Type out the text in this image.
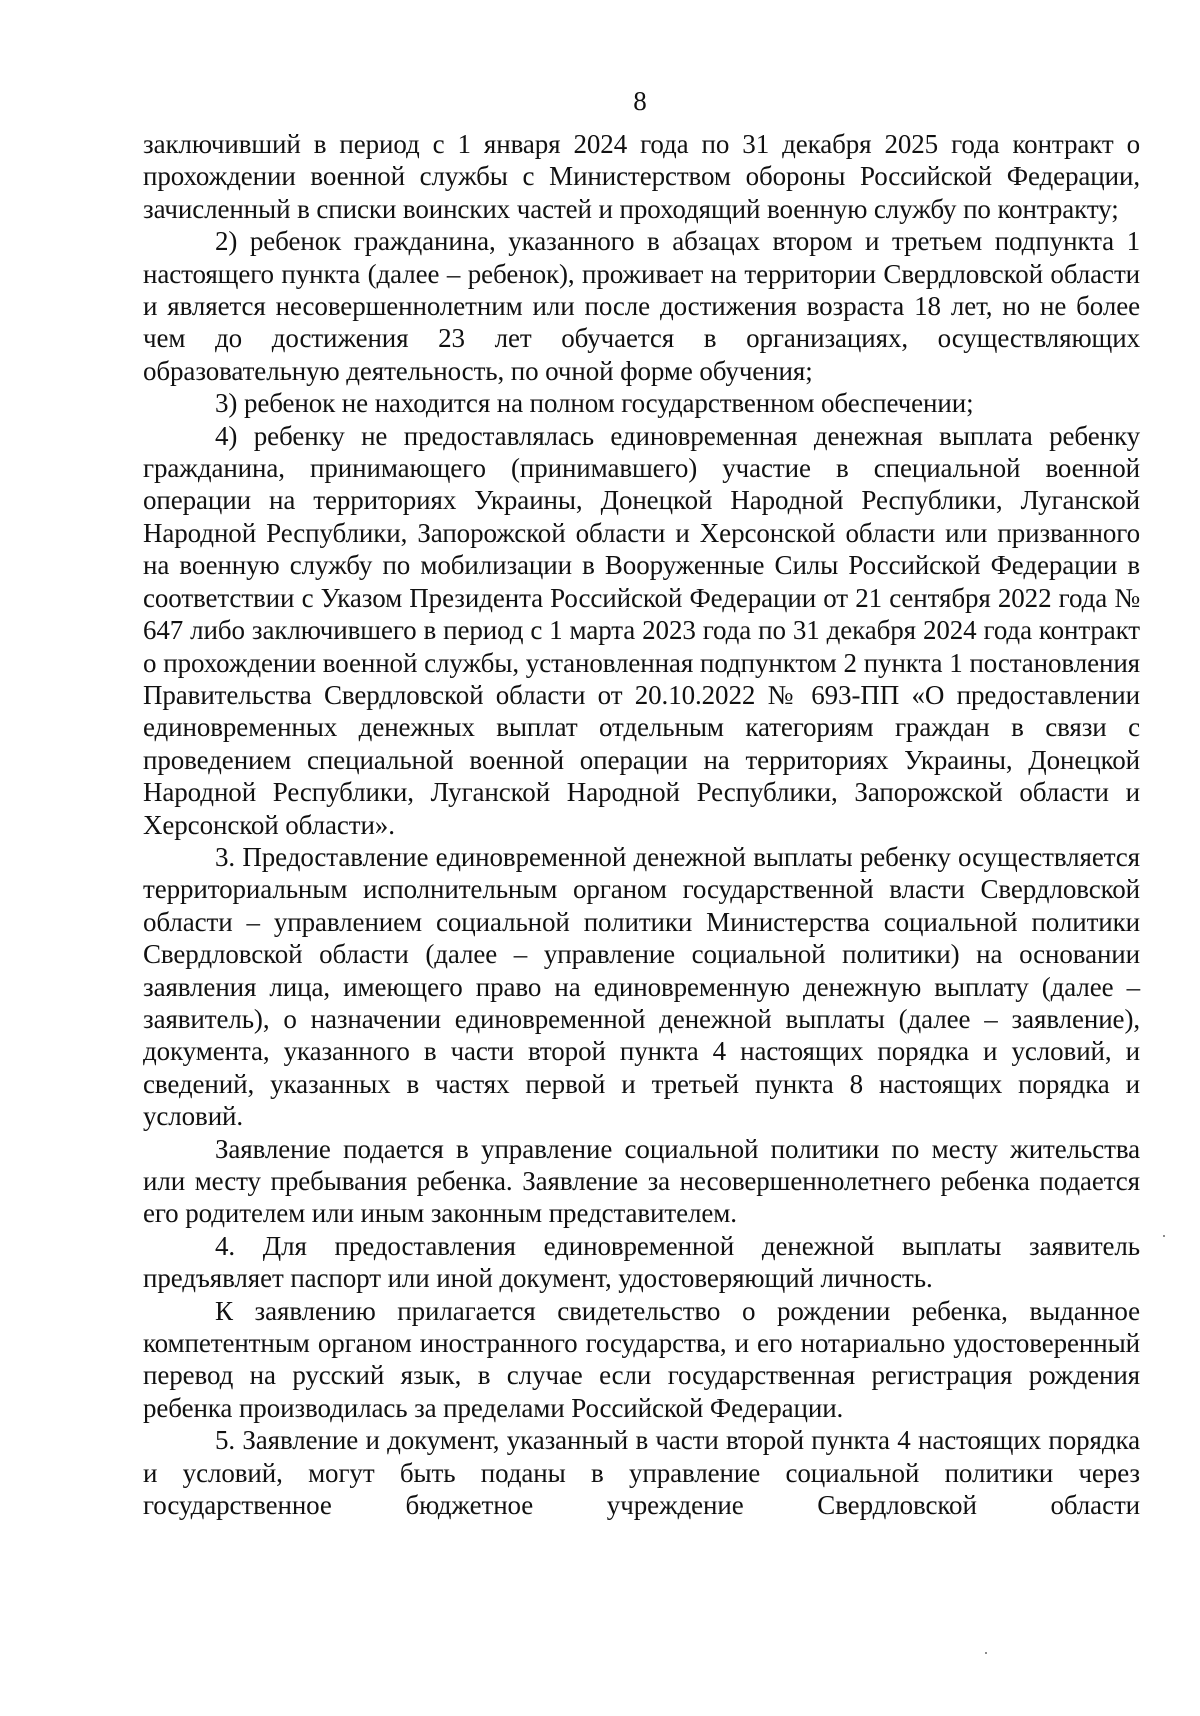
8

заключивший в период с 1 января 2024 года по 31 декабря 2025 года контракт о прохождении военной службы с Министерством обороны Российской Федерации, зачисленный в списки воинских частей и проходящий военную службу по контракту;

2) ребенок гражданина, указанного в абзацах втором и третьем подпункта 1 настоящего пункта (далее – ребенок), проживает на территории Свердловской области и является несовершеннолетним или после достижения возраста 18 лет, но не более чем до достижения 23 лет обучается в организациях, осуществляющих образовательную деятельность, по очной форме обучения;

3) ребенок не находится на полном государственном обеспечении;

4) ребенку не предоставлялась единовременная денежная выплата ребенку гражданина, принимающего (принимавшего) участие в специальной военной операции на территориях Украины, Донецкой Народной Республики, Луганской Народной Республики, Запорожской области и Херсонской области или призванного на военную службу по мобилизации в Вооруженные Силы Российской Федерации в соответствии с Указом Президента Российской Федерации от 21 сентября 2022 года № 647 либо заключившего в период с 1 марта 2023 года по 31 декабря 2024 года контракт о прохождении военной службы, установленная подпунктом 2 пункта 1 постановления Правительства Свердловской области от 20.10.2022 № 693-ПП «О предоставлении единовременных денежных выплат отдельным категориям граждан в связи с проведением специальной военной операции на территориях Украины, Донецкой Народной Республики, Луганской Народной Республики, Запорожской области и Херсонской области».

3. Предоставление единовременной денежной выплаты ребенку осуществляется территориальным исполнительным органом государственной власти Свердловской области – управлением социальной политики Министерства социальной политики Свердловской области (далее – управление социальной политики) на основании заявления лица, имеющего право на единовременную денежную выплату (далее – заявитель), о назначении единовременной денежной выплаты (далее – заявление), документа, указанного в части второй пункта 4 настоящих порядка и условий, и сведений, указанных в частях первой и третьей пункта 8 настоящих порядка и условий.

Заявление подается в управление социальной политики по месту жительства или месту пребывания ребенка. Заявление за несовершеннолетнего ребенка подается его родителем или иным законным представителем.

4. Для предоставления единовременной денежной выплаты заявитель предъявляет паспорт или иной документ, удостоверяющий личность.

К заявлению прилагается свидетельство о рождении ребенка, выданное компетентным органом иностранного государства, и его нотариально удостоверенный перевод на русский язык, в случае если государственная регистрация рождения ребенка производилась за пределами Российской Федерации.

5. Заявление и документ, указанный в части второй пункта 4 настоящих порядка и условий, могут быть поданы в управление социальной политики через государственное бюджетное учреждение Свердловской области
